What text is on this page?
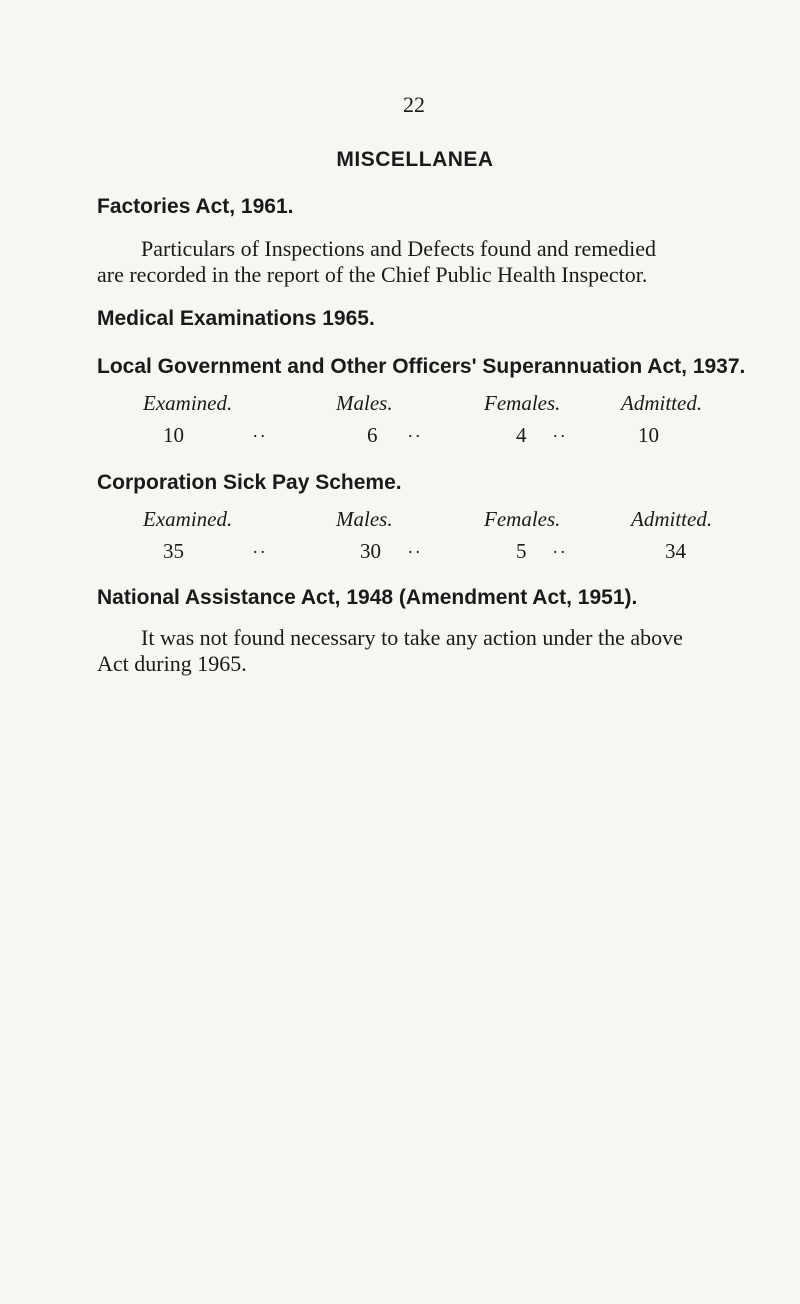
22
MISCELLANEA
Factories Act, 1961.
Particulars of Inspections and Defects found and remedied
are recorded in the report of the Chief Public Health Inspector.
Medical Examinations 1965.
Local Government and Other Officers' Superannuation Act, 1937.
Examined.	Males.	Females.	Admitted.
10	..	6 ..	4 ..	10
Corporation Sick Pay Scheme.
Examined.	Males.	Females.	Admitted.
35	..	30 ..	5 ..	34
National Assistance Act, 1948 (Amendment Act, 1951).
It was not found necessary to take any action under the above
Act during 1965.
